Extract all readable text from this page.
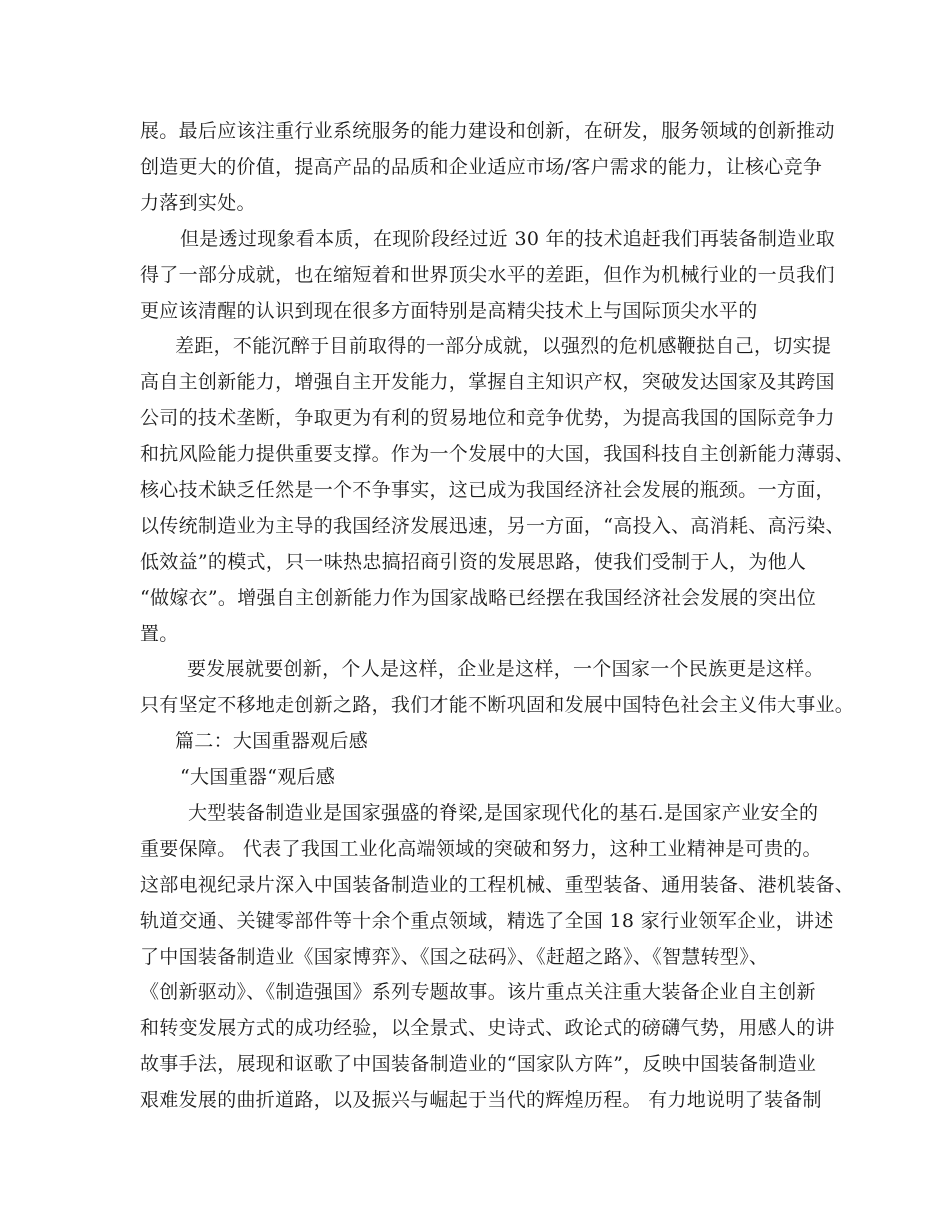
展。最后应该注重行业系统服务的能力建设和创新，在研发，服务领域的创新推动
创造更大的价值，提高产品的品质和企业适应市场/客户需求的能力，让核心竞争
力落到实处。
但是透过现象看本质，在现阶段经过近 30 年的技术追赶我们再装备制造业取
得了一部分成就，也在缩短着和世界顶尖水平的差距，但作为机械行业的一员我们
更应该清醒的认识到现在很多方面特别是高精尖技术上与国际顶尖水平的
差距，不能沉醉于目前取得的一部分成就，以强烈的危机感鞭挞自己，切实提
高自主创新能力，增强自主开发能力，掌握自主知识产权，突破发达国家及其跨国
公司的技术垄断，争取更为有利的贸易地位和竞争优势，为提高我国的国际竞争力
和抗风险能力提供重要支撑。作为一个发展中的大国，我国科技自主创新能力薄弱、
核心技术缺乏任然是一个不争事实，这已成为我国经济社会发展的瓶颈。一方面，
以传统制造业为主导的我国经济发展迅速，另一方面，“高投入、高消耗、高污染、
低效益”的模式，只一味热忠搞招商引资的发展思路，使我们受制于人，为他人
“做嫁衣”。增强自主创新能力作为国家战略已经摆在我国经济社会发展的突出位
置。
要发展就要创新，个人是这样，企业是这样，一个国家一个民族更是这样。
只有坚定不移地走创新之路，我们才能不断巩固和发展中国特色社会主义伟大事业。
篇二：大国重器观后感
“大国重器“观后感
大型装备制造业是国家强盛的脊梁,是国家现代化的基石.是国家产业安全的
重要保障。 代表了我国工业化高端领域的突破和努力，这种工业精神是可贵的。
这部电视纪录片深入中国装备制造业的工程机械、重型装备、通用装备、港机装备、
轨道交通、关键零部件等十余个重点领域，精选了全国 18 家行业领军企业，讲述
了中国装备制造业《国家博弈》、《国之砝码》、《赶超之路》、《智慧转型》、
《创新驱动》、《制造强国》系列专题故事。该片重点关注重大装备企业自主创新
和转变发展方式的成功经验，以全景式、史诗式、政论式的磅礴气势，用感人的讲
故事手法，展现和讴歌了中国装备制造业的“国家队方阵”，反映中国装备制造业
艰难发展的曲折道路，以及振兴与崛起于当代的辉煌历程。 有力地说明了装备制
